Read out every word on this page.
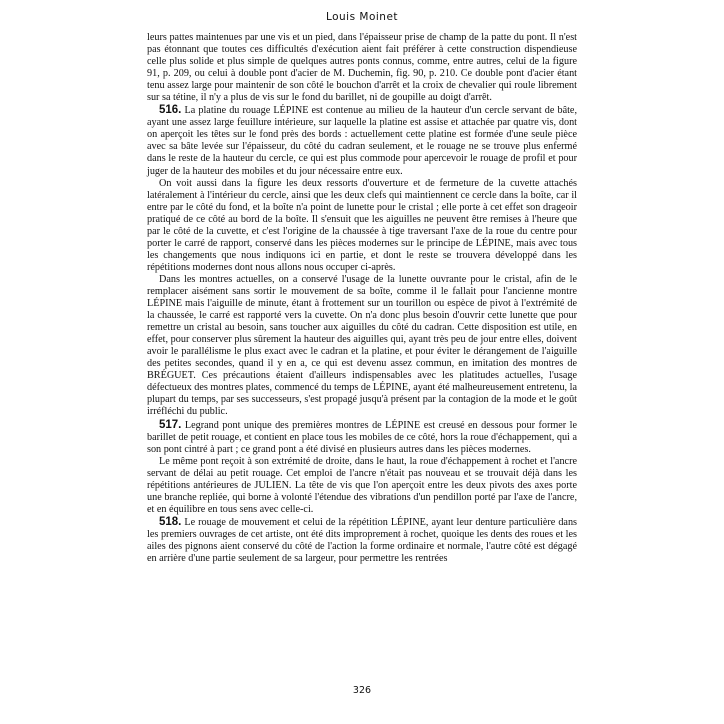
Louis Moinet

leurs pattes maintenues par une vis et un pied, dans l'épaisseur prise de champ de la patte du pont. Il n'est pas étonnant que toutes ces difficultés d'exécution aient fait préférer à cette construction dispendieuse celle plus solide et plus simple de quelques autres ponts connus, comme, entre autres, celui de la figure 91, p. 209, ou celui à double pont d'acier de M. Duchemin, fig. 90, p. 210. Ce double pont d'acier étant tenu assez large pour maintenir de son côté le bouchon d'arrêt et la croix de chevalier qui roule librement sur sa tétine, il n'y a plus de vis sur le fond du barillet, ni de goupille au doigt d'arrêt.

516. La platine du rouage LÉPINE est contenue au milieu de la hauteur d'un cercle servant de bâte, ayant une assez large feuillure intérieure, sur laquelle la platine est assise et attachée par quatre vis, dont on aperçoit les têtes sur le fond près des bords : actuellement cette platine est formée d'une seule pièce avec sa bâte levée sur l'épaisseur, du côté du cadran seulement, et le rouage ne se trouve plus enfermé dans le reste de la hauteur du cercle, ce qui est plus commode pour apercevoir le rouage de profil et pour juger de la hauteur des mobiles et du jour nécessaire entre eux.

On voit aussi dans la figure les deux ressorts d'ouverture et de fermeture de la cuvette attachés latéralement à l'intérieur du cercle, ainsi que les deux clefs qui maintiennent ce cercle dans la boîte, car il entre par le côté du fond, et la boîte n'a point de lunette pour le cristal ; elle porte à cet effet son drageoir pratiqué de ce côté au bord de la boîte. Il s'ensuit que les aiguilles ne peuvent être remises à l'heure que par le côté de la cuvette, et c'est l'origine de la chaussée à tige traversant l'axe de la roue du centre pour porter le carré de rapport, conservé dans les pièces modernes sur le principe de LÉPINE, mais avec tous les changements que nous indiquons ici en partie, et dont le reste se trouvera développé dans les répétitions modernes dont nous allons nous occuper ci-après.

Dans les montres actuelles, on a conservé l'usage de la lunette ouvrante pour le cristal, afin de le remplacer aisément sans sortir le mouvement de sa boîte, comme il le fallait pour l'ancienne montre LÉPINE mais l'aiguille de minute, étant à frottement sur un tourillon ou espèce de pivot à l'extrémité de la chaussée, le carré est rapporté vers la cuvette. On n'a donc plus besoin d'ouvrir cette lunette que pour remettre un cristal au besoin, sans toucher aux aiguilles du côté du cadran. Cette disposition est utile, en effet, pour conserver plus sûrement la hauteur des aiguilles qui, ayant très peu de jour entre elles, doivent avoir le parallélisme le plus exact avec le cadran et la platine, et pour éviter le dérangement de l'aiguille des petites secondes, quand il y en a, ce qui est devenu assez commun, en imitation des montres de BRÉGUET. Ces précautions étaient d'ailleurs indispensables avec les platitudes actuelles, l'usage défectueux des montres plates, commencé du temps de LÉPINE, ayant été malheureusement entretenu, la plupart du temps, par ses successeurs, s'est propagé jusqu'à présent par la contagion de la mode et le goût irréfléchi du public.

517. Legrand pont unique des premières montres de LÉPINE est creusé en dessous pour former le barillet de petit rouage, et contient en place tous les mobiles de ce côté, hors la roue d'échappement, qui a son pont cintré à part ; ce grand pont a été divisé en plusieurs autres dans les pièces modernes.

Le même pont reçoit à son extrémité de droite, dans le haut, la roue d'échappement à rochet et l'ancre servant de délai au petit rouage. Cet emploi de l'ancre n'était pas nouveau et se trouvait déjà dans les répétitions antérieures de JULIEN. La tête de vis que l'on aperçoit entre les deux pivots des axes porte une branche repliée, qui borne à volonté l'étendue des vibrations d'un pendillon porté par l'axe de l'ancre, et en équilibre en tous sens avec celle-ci.

518. Le rouage de mouvement et celui de la répétition LÉPINE, ayant leur denture particulière dans les premiers ouvrages de cet artiste, ont été dits improprement à rochet, quoique les dents des roues et les ailes des pignons aient conservé du côté de l'action la forme ordinaire et normale, l'autre côté est dégagé en arrière d'une partie seulement de sa largeur, pour permettre les rentrées

326
